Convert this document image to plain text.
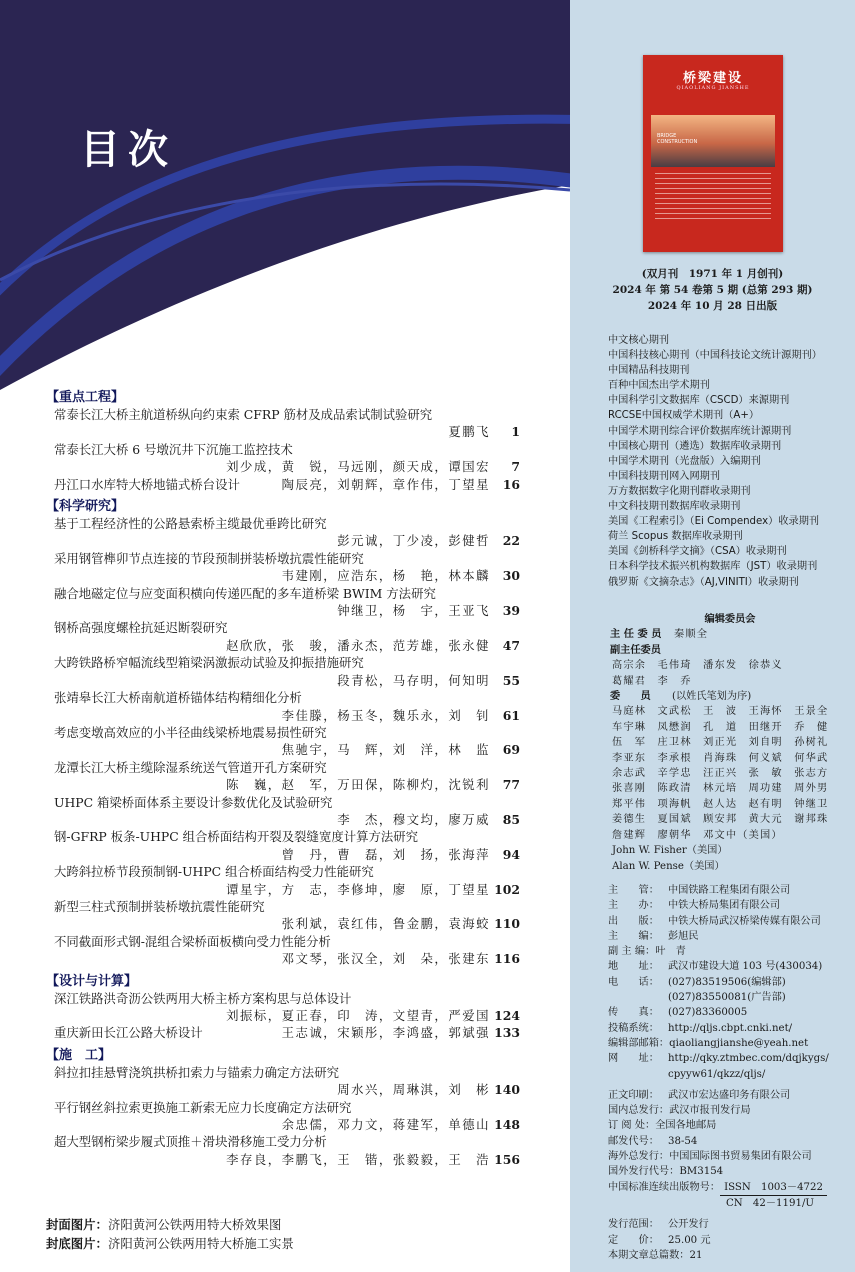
目次
【重点工程】
常泰长江大桥主航道桥纵向约束索 CFRP 筋材及成品索试制试验研究
夏鹏飞	1
常泰长江大桥 6 号墩沉井下沉施工监控技术
刘少成，黄　锐，马远刚，颜天成，谭国宏	7
丹江口水库特大桥地锚式桥台设计	陶辰亮，刘朝辉，章作伟，丁望星	16
【科学研究】
基于工程经济性的公路悬索桥主缆最优垂跨比研究
彭元诚，丁少凌，彭健哲	22
采用钢管榫卯节点连接的节段预制拼装桥墩抗震性能研究
韦建刚，应浩东，杨　艳，林本麟	30
融合地磁定位与应变面积横向传递匹配的多车道桥梁 BWIM 方法研究
钟继卫，杨　宇，王亚飞	39
钢桥高强度螺栓抗延迟断裂研究
赵欣欣，张　骏，潘永杰，范芳雄，张永健	47
大跨铁路桥窄幅流线型箱梁涡激振动试验及抑振措施研究
段青松，马存明，何知明	55
张靖皋长江大桥南航道桥锚体结构精细化分析
李佳滕，杨玉冬，魏乐永，刘　钊	61
考虑变墩高效应的小半径曲线梁桥地震易损性研究
焦驰宇，马　辉，刘　洋，林　监	69
龙潭长江大桥主缆除湿系统送气管道开孔方案研究
陈　巍，赵　军，万田保，陈柳灼，沈锐利	77
UHPC 箱梁桥面体系主要设计参数优化及试验研究
李　杰，穆文均，廖万威	85
钢-GFRP 板条-UHPC 组合桥面结构开裂及裂缝宽度计算方法研究
曾　丹，曹　磊，刘　扬，张海萍	94
大跨斜拉桥节段预制钢-UHPC 组合桥面结构受力性能研究
谭星宇，方　志，李修坤，廖　原，丁望星 102
新型三柱式预制拼装桥墩抗震性能研究
张利斌，袁红伟，鲁金鹏，袁海蛟 110
不同截面形式钢-混组合梁桥面板横向受力性能分析
邓文琴，张汉全，刘　朵，张建东 116
【设计与计算】
深江铁路洪奇沥公铁两用大桥主桥方案构思与总体设计
刘振标，夏正春，印　涛，文望青，严爱国 124
重庆新田长江公路大桥设计	王志诚，宋颖彤，李鸿盛，郭斌强 133
【施　工】
斜拉扣挂悬臂浇筑拱桥扣索力与锚索力确定方法研究
周水兴，周琳淇，刘　彬 140
平行钢丝斜拉索更换施工新索无应力长度确定方法研究
余忠儒，邓力文，蒋建军，单德山 148
超大型钢桁梁步履式顶推＋滑块滑移施工受力分析
李存良，李鹏飞，王　锴，张毅毅，王　浩 156
封面图片：济阳黄河公铁两用特大桥效果图
封底图片：济阳黄河公铁两用特大桥施工实景
桥梁建设
QIAOLIANG JIANSHE
BRIDGE
CONSTRUCTION
(双月刊　1971 年 1 月创刊)
2024 年 第 54 卷第 5 期 (总第 293 期)
2024 年 10 月 28 日出版
中文核心期刊
中国科技核心期刊（中国科技论文统计源期刊）
中国精品科技期刊
百种中国杰出学术期刊
中国科学引文数据库（CSCD）来源期刊
RCCSE中国权威学术期刊（A+）
中国学术期刊综合评价数据库统计源期刊
中国核心期刊（遴选）数据库收录期刊
中国学术期刊（光盘版）入编期刊
中国科技期刊网入网期刊
万方数据数字化期刊群收录期刊
中文科技期刊数据库收录期刊
美国《工程索引》（Ei Compendex）收录期刊
荷兰 Scopus 数据库收录期刊
美国《剑桥科学文摘》（CSA）收录期刊
日本科学技术振兴机构数据库（JST）收录期刊
俄罗斯《文摘杂志》（AJ,VINITI）收录期刊
编辑委员会
主 任 委 员	秦顺全
副主任委员
高宗余　毛伟琦　潘东发　徐恭义
葛耀君　李　乔
委　　员	(以姓氏笔划为序)
马庭林　文武松　王　波　王海怀　王景全
车宇琳　凤懋润　孔　道　田继开　乔　健
伍　军　庄卫林　刘正光　刘自明　孙树礼
李亚东　李承根　肖海珠　何义斌　何华武
余志武　辛学忠　汪正兴　张　敏　张志方
张喜刚　陈政清　林元培　周功建　周外男
郑平伟　项海帆　赵人达　赵有明　钟继卫
姜德生　夏国斌　顾安邦　黄大元　谢邦珠
詹建辉　廖朝华　邓文中（美国）
John W. Fisher（美国）
Alan W. Pense（美国）
主　　管： 中国铁路工程集团有限公司
主　　办： 中铁大桥局集团有限公司
出　　版： 中铁大桥局武汉桥梁传媒有限公司
主　　编： 彭旭民
副 主 编： 叶　青
地　　址： 武汉市建设大道 103 号(430034)
电　　话： (027)83519506(编辑部)
(027)83550081(广告部)
传　　真： (027)83360005
投稿系统： http://qljs.cbpt.cnki.net/
编辑部邮箱： qiaoliangjianshe@yeah.net
网　　址： http://qky.ztmbec.com/dqjkygs/
cpyyw61/qkzz/qljs/
正文印刷： 武汉市宏达盛印务有限公司
国内总发行： 武汉市报刊发行局
订 阅 处： 全国各地邮局
邮发代号： 38-54
海外总发行： 中国国际图书贸易集团有限公司
国外发行代号： BM3154
中国标准连续出版物号： ISSN　1003－4722
CN　42－1191/U
发行范围： 公开发行
定　　价： 25.00 元
本期文章总篇数： 21
